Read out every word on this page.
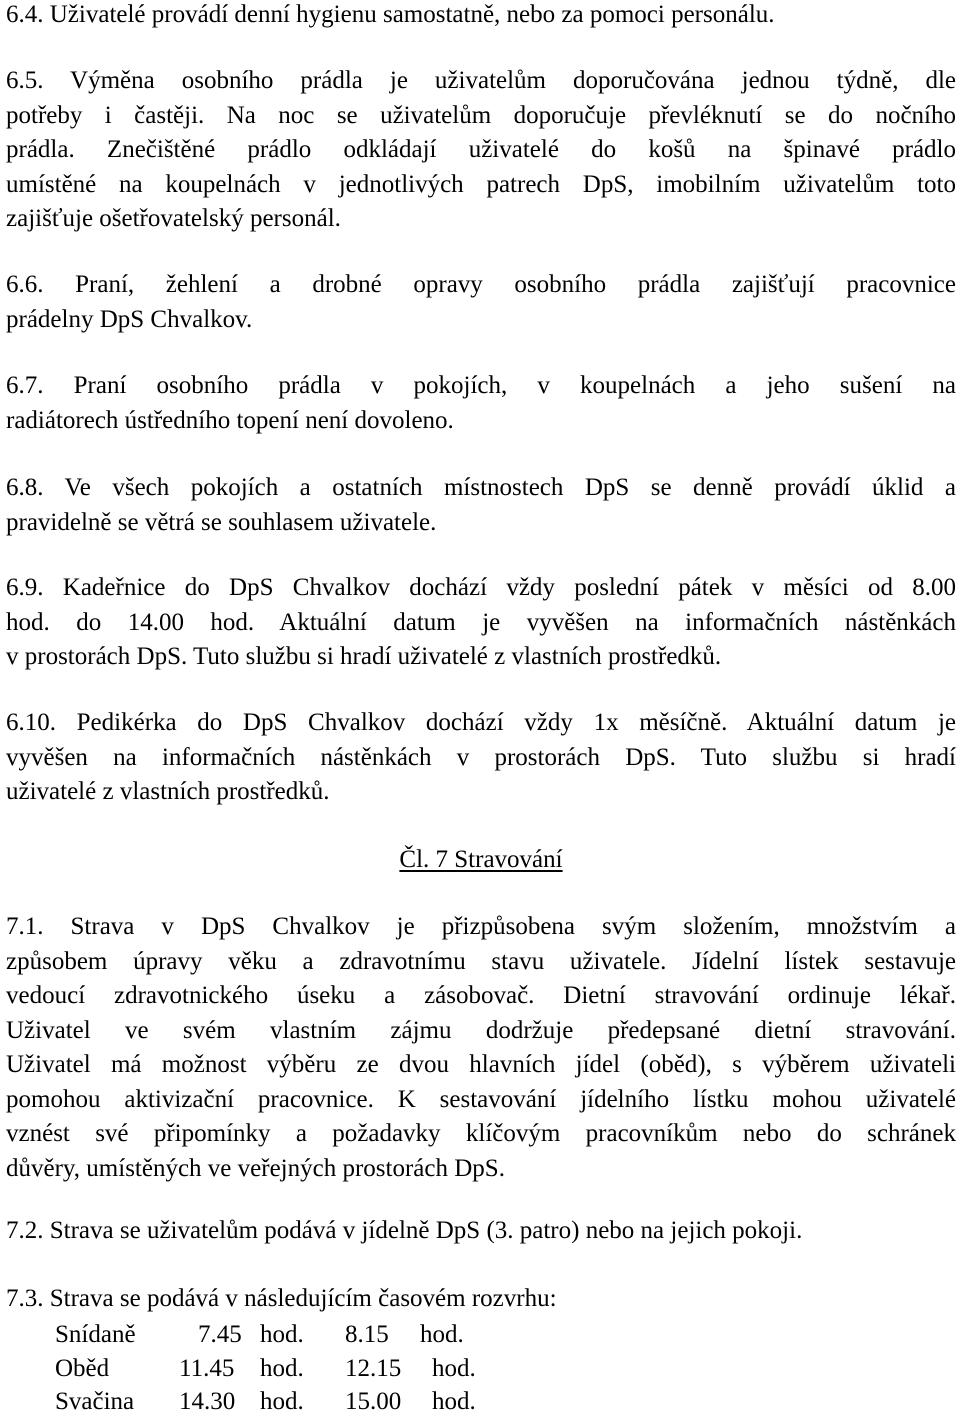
6.4. Uživatelé provádí denní hygienu samostatně, nebo za pomoci personálu.
6.5. Výměna osobního prádla je uživatelům doporučována jednou týdně, dle
potřeby i častěji. Na noc se uživatelům doporučuje převléknutí se do nočního
prádla. Znečištěné prádlo odkládají uživatelé do košů na špinavé prádlo
umístěné na koupelnách v jednotlivých patrech DpS, imobilním uživatelům toto
zajišťuje ošetřovatelský personál.
6.6. Praní, žehlení a drobné opravy osobního prádla zajišťují pracovnice
prádelny DpS Chvalkov.
6.7. Praní osobního prádla v pokojích, v koupelnách a jeho sušení na
radiátorech ústředního topení není dovoleno.
6.8. Ve všech pokojích a ostatních místnostech DpS se denně provádí úklid a
pravidelně se větrá se souhlasem uživatele.
6.9. Kadeřnice do DpS Chvalkov dochází vždy poslední pátek v měsíci od 8.00
hod. do 14.00 hod. Aktuální datum je vyvěšen na informačních nástěnkách
v prostorách DpS. Tuto službu si hradí uživatelé z vlastních prostředků.
6.10. Pedikérka do DpS Chvalkov dochází vždy 1x měsíčně. Aktuální datum je
vyvěšen na informačních nástěnkách v prostorách DpS. Tuto službu si hradí
uživatelé z vlastních prostředků.
Čl. 7 Stravování
7.1. Strava v DpS Chvalkov je přizpůsobena svým složením, množstvím a
způsobem úpravy věku a zdravotnímu stavu uživatele. Jídelní lístek sestavuje
vedoucí zdravotnického úseku a zásobovač. Dietní stravování ordinuje lékař.
Uživatel ve svém vlastním zájmu dodržuje předepsané dietní stravování.
Uživatel má možnost výběru ze dvou hlavních jídel (oběd), s výběrem uživateli
pomohou aktivizační pracovnice. K sestavování jídelního lístku mohou uživatelé
vznést své připomínky a požadavky klíčovým pracovníkům nebo do schránek
důvěry, umístěných ve veřejných prostorách DpS.
7.2. Strava se uživatelům podává v jídelně DpS (3. patro) nebo na jejich pokoji.
7.3. Strava se podává v následujícím časovém rozvrhu:
Snídaně 7.45 hod. 8.15 hod.
Oběd	11.45 hod. 12.15 hod.
Svačina 14.30 hod. 15.00 hod.
